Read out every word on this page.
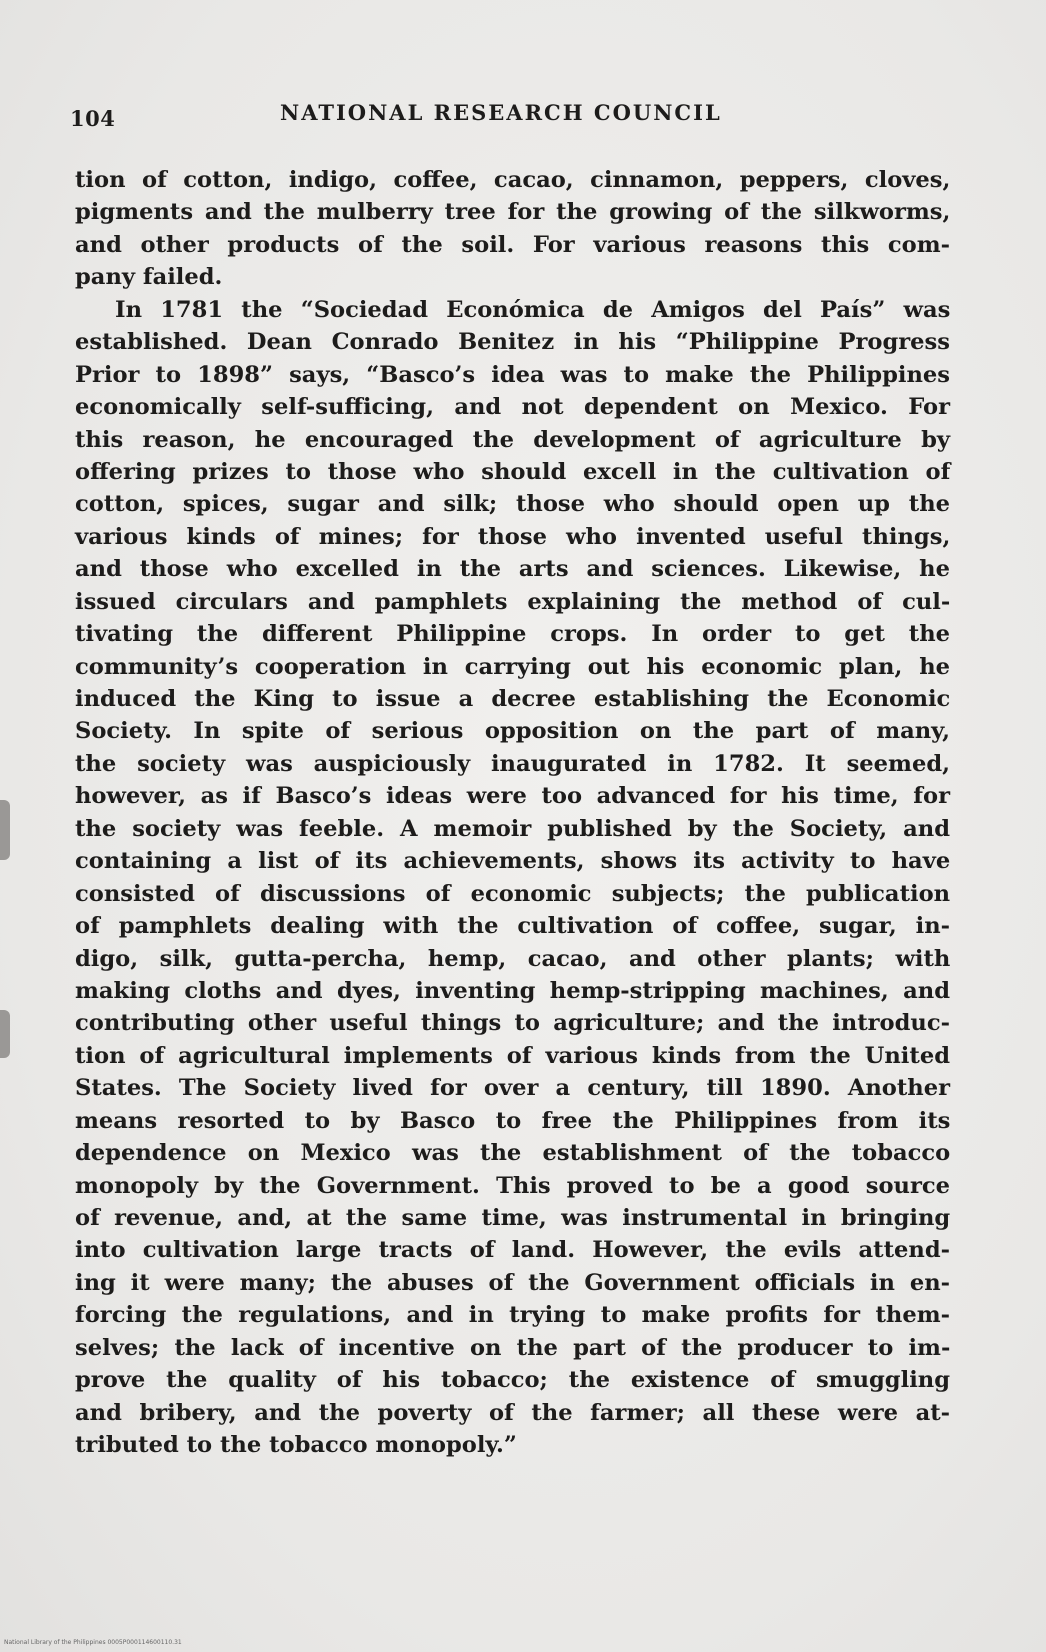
104	NATIONAL RESEARCH COUNCIL
tion of cotton, indigo, coffee, cacao, cinnamon, peppers, cloves,
pigments and the mulberry tree for the growing of the silkworms,
and other products of the soil. For various reasons this com-
pany failed.
In 1781 the “Sociedad Económica de Amigos del País” was
established. Dean Conrado Benitez in his “Philippine Progress
Prior to 1898” says, “Basco’s idea was to make the Philippines
economically self-sufficing, and not dependent on Mexico. For
this reason, he encouraged the development of agriculture by
offering prizes to those who should excell in the cultivation of
cotton, spices, sugar and silk; those who should open up the
various kinds of mines; for those who invented useful things,
and those who excelled in the arts and sciences. Likewise, he
issued circulars and pamphlets explaining the method of cul-
tivating the different Philippine crops. In order to get the
community’s cooperation in carrying out his economic plan, he
induced the King to issue a decree establishing the Economic
Society. In spite of serious opposition on the part of many,
the society was auspiciously inaugurated in 1782. It seemed,
however, as if Basco’s ideas were too advanced for his time, for
the society was feeble. A memoir published by the Society, and
containing a list of its achievements, shows its activity to have
consisted of discussions of economic subjects; the publication
of pamphlets dealing with the cultivation of coffee, sugar, in-
digo, silk, gutta-percha, hemp, cacao, and other plants; with
making cloths and dyes, inventing hemp-stripping machines, and
contributing other useful things to agriculture; and the introduc-
tion of agricultural implements of various kinds from the United
States. The Society lived for over a century, till 1890. Another
means resorted to by Basco to free the Philippines from its
dependence on Mexico was the establishment of the tobacco
monopoly by the Government. This proved to be a good source
of revenue, and, at the same time, was instrumental in bringing
into cultivation large tracts of land. However, the evils attend-
ing it were many; the abuses of the Government officials in en-
forcing the regulations, and in trying to make profits for them-
selves; the lack of incentive on the part of the producer to im-
prove the quality of his tobacco; the existence of smuggling
and bribery, and the poverty of the farmer; all these were at-
tributed to the tobacco monopoly.”
National Library of the Philippines 0005P000114600110.31
